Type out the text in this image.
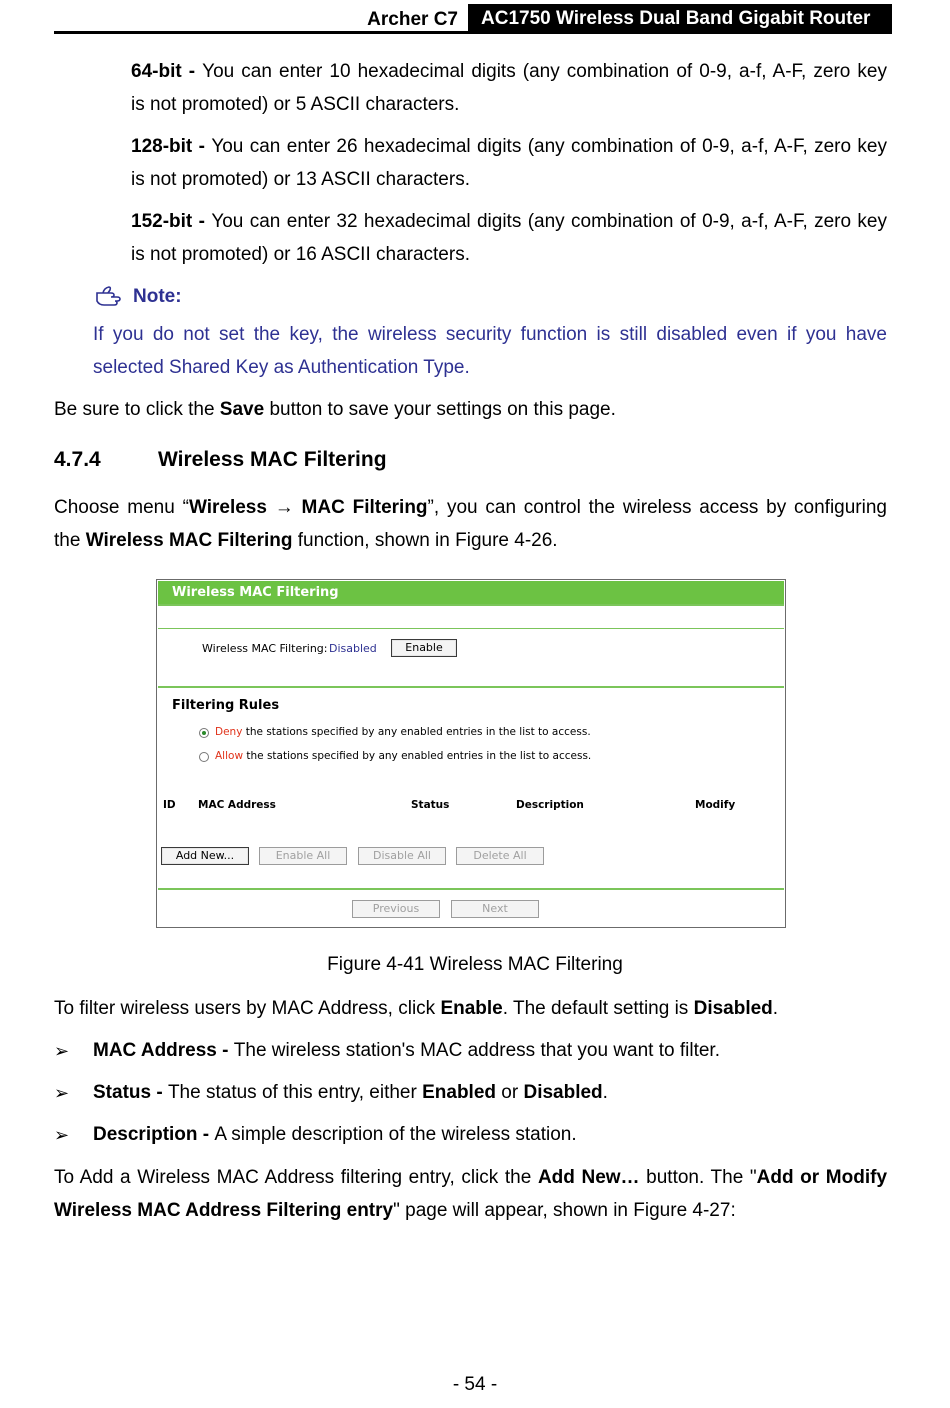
Archer C7	AC1750 Wireless Dual Band Gigabit Router
64-bit - You can enter 10 hexadecimal digits (any combination of 0-9, a-f, A-F, zero key
is not promoted) or 5 ASCII characters.
128-bit - You can enter 26 hexadecimal digits (any combination of 0-9, a-f, A-F, zero key
is not promoted) or 13 ASCII characters.
152-bit - You can enter 32 hexadecimal digits (any combination of 0-9, a-f, A-F, zero key
is not promoted) or 16 ASCII characters.
Note:
If you do not set the key, the wireless security function is still disabled even if you have
selected Shared Key as Authentication Type.
Be sure to click the Save button to save your settings on this page.
4.7.4	Wireless MAC Filtering
Choose menu “Wireless → MAC Filtering”, you can control the wireless access by configuring
the Wireless MAC Filtering function, shown in Figure 4-26.
Wireless MAC Filtering
Wireless MAC Filtering: Disabled	Enable
Filtering Rules
Deny the stations specified by any enabled entries in the list to access.
Allow the stations specified by any enabled entries in the list to access.
ID MAC Address	Status	Description	Modify
Add New...	Enable All	Disable All	Delete All
Previous	Next
Figure 4-41 Wireless MAC Filtering
To filter wireless users by MAC Address, click Enable. The default setting is Disabled.
➢ MAC Address - The wireless station's MAC address that you want to filter.
➢ Status - The status of this entry, either Enabled or Disabled.
➢ Description - A simple description of the wireless station.
To Add a Wireless MAC Address filtering entry, click the Add New… button. The "Add or Modify
Wireless MAC Address Filtering entry" page will appear, shown in Figure 4-27:
- 54 -
